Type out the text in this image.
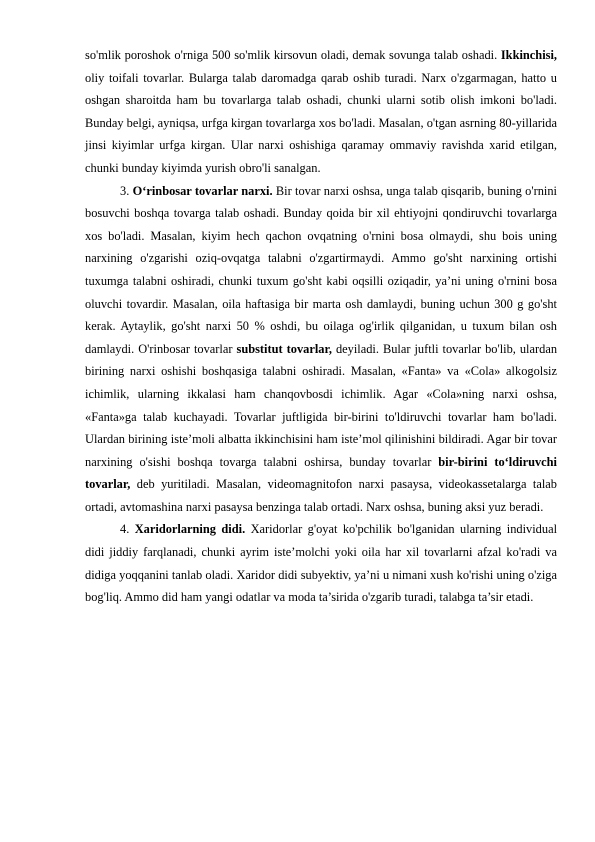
so'mlik poroshok o'rniga 500 so'mlik kirsovun oladi, demak sovunga talab oshadi. Ikkinchisi, oliy toifali tovarlar. Bularga talab daromadga qarab oshib turadi. Narx o'zgarmagan, hatto u oshgan sharoitda ham bu tovarlarga talab oshadi, chunki ularni sotib olish imkoni bo'ladi. Bunday belgi, ayniqsa, urfga kirgan tovarlarga xos bo'ladi. Masalan, o'tgan asrning 80-yillarida jinsi kiyimlar urfga kirgan. Ular narxi oshishiga qaramay ommaviy ravishda xarid etilgan, chunki bunday kiyimda yurish obro'li sanalgan.

3. O‘rinbosar tovarlar narxi. Bir tovar narxi oshsa, unga talab qisqarib, buning o'rnini bosuvchi boshqa tovarga talab oshadi. Bunday qoida bir xil ehtiyojni qondiruvchi tovarlarga xos bo'ladi. Masalan, kiyim hech qachon ovqatning o'rnini bosa olmaydi, shu bois uning narxining o'zgarishi oziq-ovqatga talabni o'zgartirmaydi. Ammo go'sht narxining ortishi tuxumga talabni oshiradi, chunki tuxum go'sht kabi oqsilli oziqadir, ya’ni uning o'rnini bosa oluvchi tovardir. Masalan, oila haftasiga bir marta osh damlaydi, buning uchun 300 g go'sht kerak. Aytaylik, go'sht narxi 50 % oshdi, bu oilaga og'irlik qilganidan, u tuxum bilan osh damlaydi. O'rinbosar tovarlar substitut tovarlar, deyiladi. Bular juftli tovarlar bo'lib, ulardan birining narxi oshishi boshqasiga talabni oshiradi. Masalan, «Fanta» va «Cola» alkogolsiz ichimlik, ularning ikkalasi ham chanqovbosdi ichimlik. Agar «Cola»ning narxi oshsa, «Fanta»ga talab kuchayadi. Tovarlar juftligida bir-birini to'ldiruvchi tovarlar ham bo'ladi. Ulardan birining iste’moli albatta ikkinchisini ham iste’mol qilinishini bildiradi. Agar bir tovar narxining o'sishi boshqa tovarga talabni oshirsa, bunday tovarlar bir-birini to‘ldiruvchi tovarlar, deb yuritiladi. Masalan, videomagnitofon narxi pasaysa, videokassetalarga talab ortadi, avtomashina narxi pasaysa benzinga talab ortadi. Narx oshsa, buning aksi yuz beradi.

4. Xaridorlarning didi. Xaridorlar g'oyat ko'pchilik bo'lganidan ularning individual didi jiddiy farqlanadi, chunki ayrim iste’molchi yoki oila har xil tovarlarni afzal ko'radi va didiga yoqqanini tanlab oladi. Xaridor didi subyektiv, ya’ni u nimani xush ko'rishi uning o'ziga bog'liq. Ammo did ham yangi odatlar va moda ta’sirida o'zgarib turadi, talabga ta’sir etadi.
